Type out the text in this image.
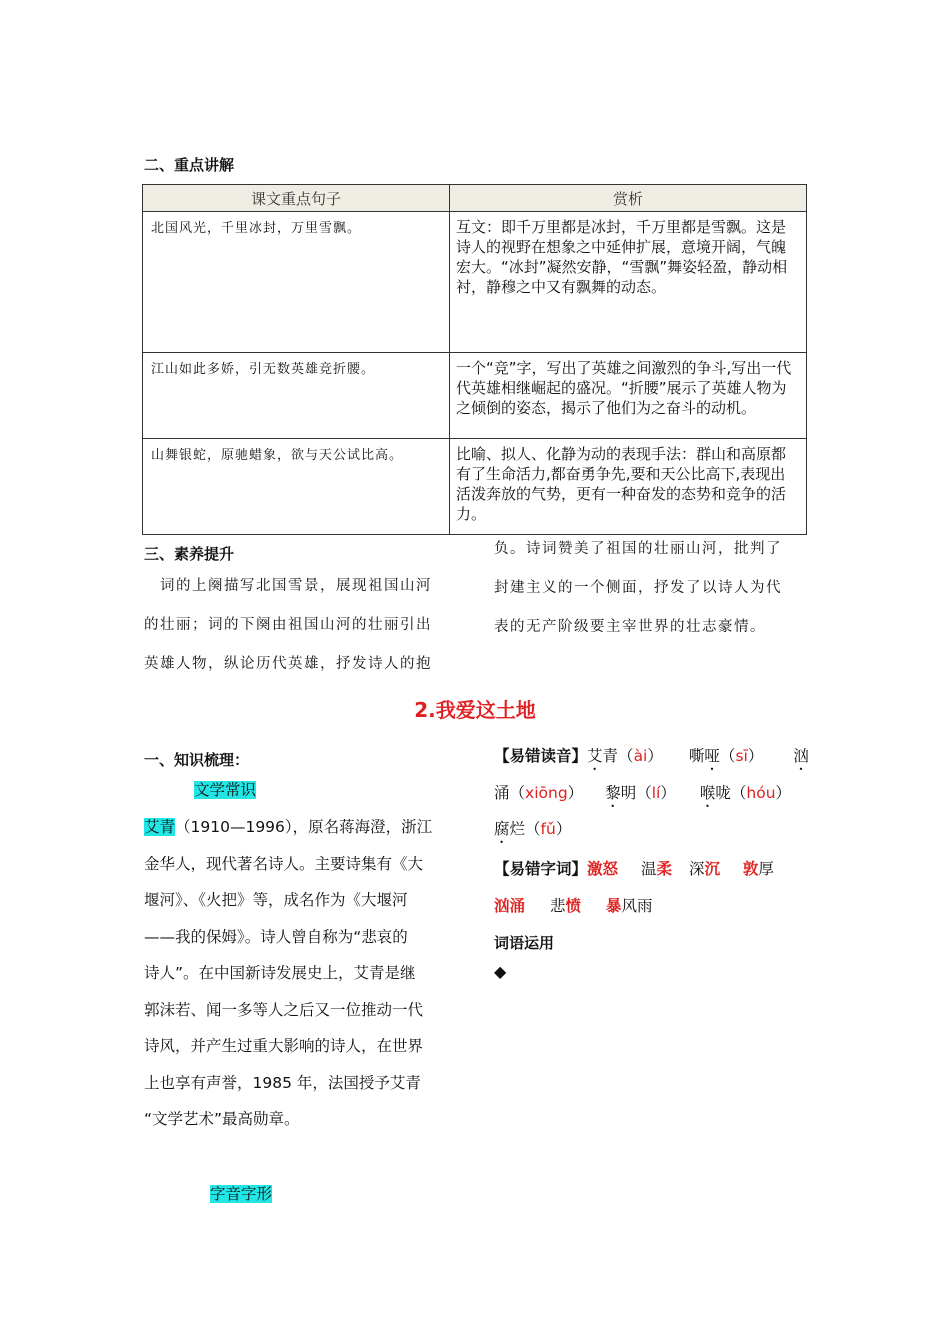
二、重点讲解
课文重点句子	赏析
北国风光，千里冰封，万里雪飘。	互文：即千万里都是冰封，千万里都是雪飘。这是诗人的视野在想象之中延伸扩展，意境开阔，气魄宏大。“冰封”凝然安静，“雪飘”舞姿轻盈，静动相衬，静穆之中又有飘舞的动态。
江山如此多娇，引无数英雄竞折腰。	一个“竞”字，写出了英雄之间激烈的争斗,写出一代代英雄相继崛起的盛况。“折腰”展示了英雄人物为之倾倒的姿态，揭示了他们为之奋斗的动机。
山舞银蛇，原驰蜡象，欲与天公试比高。	比喻、拟人、化静为动的表现手法：群山和高原都有了生命活力,都奋勇争先,要和天公比高下,表现出活泼奔放的气势，更有一种奋发的态势和竞争的活力。
三、素养提升
词的上阕描写北国雪景，展现祖国山河
的壮丽；词的下阕由祖国山河的壮丽引出
英雄人物，纵论历代英雄，抒发诗人的抱
负。诗词赞美了祖国的壮丽山河，批判了
封建主义的一个侧面，抒发了以诗人为代
表的无产阶级要主宰世界的壮志豪情。
2.我爱这土地
一、知识梳理：
文学常识
艾青（1910—1996），原名蒋海澄，浙江
金华人，现代著名诗人。主要诗集有《大
堰河》、《火把》等，成名作为《大堰河
——我的保姆》。诗人曾自称为“悲哀的
诗人”。在中国新诗发展史上，艾青是继
郭沫若、闻一多等人之后又一位推动一代
诗风，并产生过重大影响的诗人，在世界
上也享有声誉，1985 年，法国授予艾青
“文学艺术”最高勋章。
字音字形
【易错读音】艾青（ài） 嘶哑（sī） 汹
涌（xiōng） 黎明（lí） 喉咙（hóu）
腐烂（fǔ）
【易错字词】激怒 温柔 深沉 敦厚
汹涌 悲愤 暴风雨
词语运用
◆
